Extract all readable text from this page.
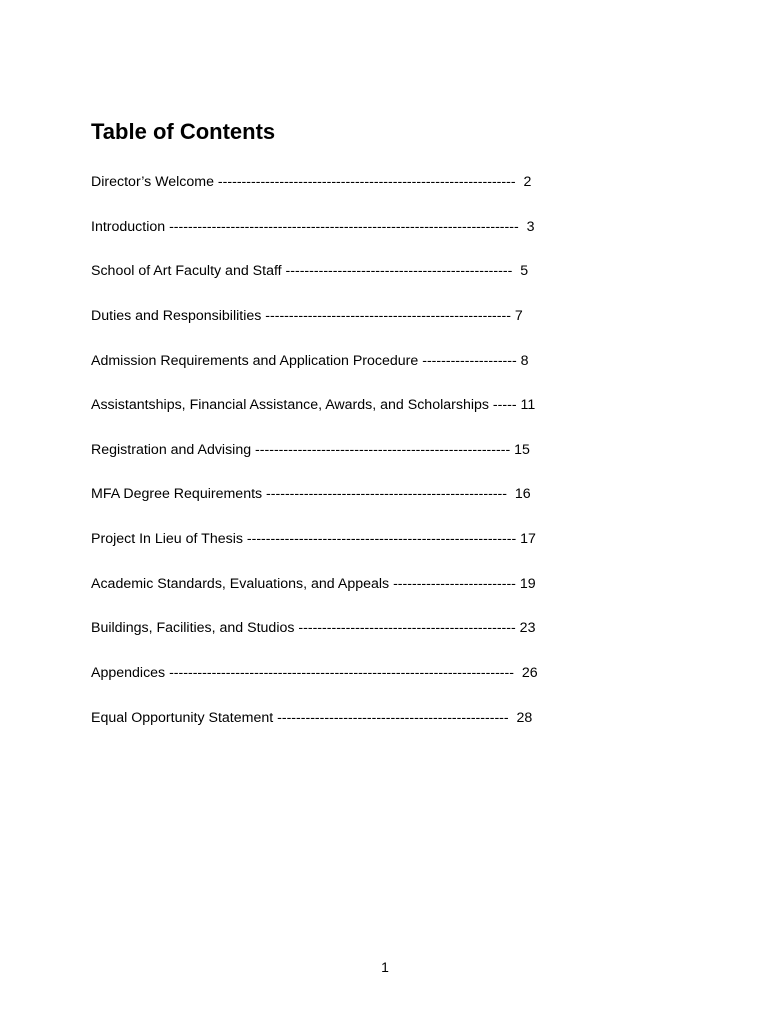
Table of Contents
Director’s Welcome ---------------------------------------------------------------  2
Introduction --------------------------------------------------------------------------  3
School of Art Faculty and Staff ------------------------------------------------  5
Duties and Responsibilities ---------------------------------------------------- 7
Admission Requirements and Application Procedure -------------------- 8
Assistantships, Financial Assistance, Awards, and Scholarships ----- 11
Registration and Advising ------------------------------------------------------ 15
MFA Degree Requirements ---------------------------------------------------  16
Project In Lieu of Thesis --------------------------------------------------------- 17
Academic Standards, Evaluations, and Appeals -------------------------- 19
Buildings, Facilities, and Studios ---------------------------------------------- 23
Appendices -------------------------------------------------------------------------  26
Equal Opportunity Statement -------------------------------------------------  28
1
